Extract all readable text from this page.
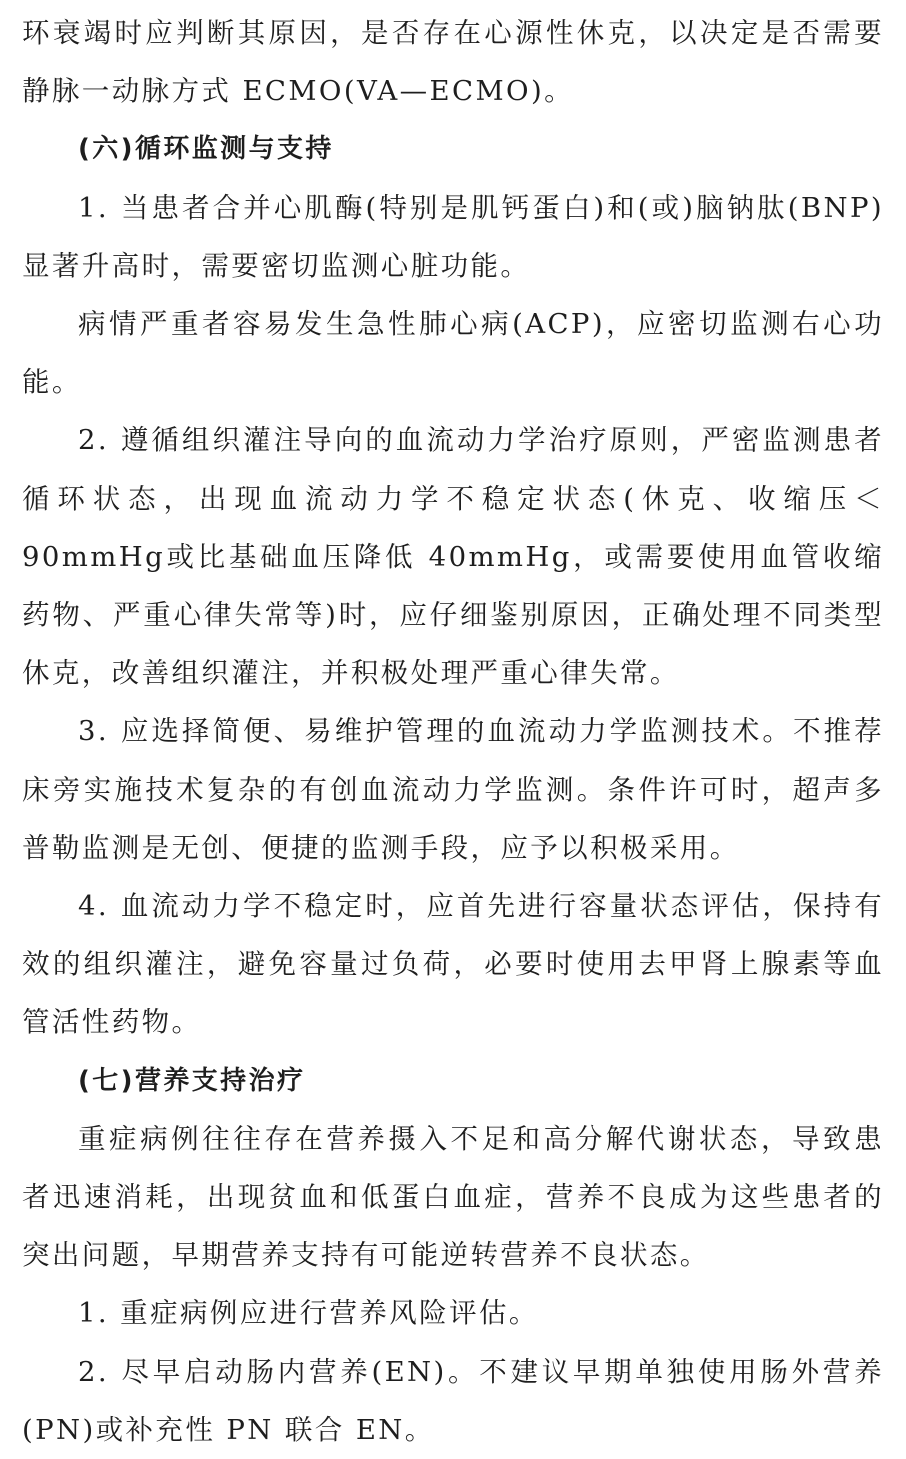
环衰竭时应判断其原因，是否存在心源性休克，以决定是否需要静脉一动脉方式 ECMO(VA—ECMO)。

(六)循环监测与支持

1. 当患者合并心肌酶(特别是肌钙蛋白)和(或)脑钠肽(BNP)显著升高时，需要密切监测心脏功能。

病情严重者容易发生急性肺心病(ACP)，应密切监测右心功能。

2. 遵循组织灌注导向的血流动力学治疗原则，严密监测患者循环状态，出现血流动力学不稳定状态(休克、收缩压＜90mmHg或比基础血压降低 40mmHg，或需要使用血管收缩药物、严重心律失常等)时，应仔细鉴别原因，正确处理不同类型休克，改善组织灌注，并积极处理严重心律失常。

3. 应选择简便、易维护管理的血流动力学监测技术。不推荐床旁实施技术复杂的有创血流动力学监测。条件许可时，超声多普勒监测是无创、便捷的监测手段，应予以积极采用。

4. 血流动力学不稳定时，应首先进行容量状态评估，保持有效的组织灌注，避免容量过负荷，必要时使用去甲肾上腺素等血管活性药物。

(七)营养支持治疗

重症病例往往存在营养摄入不足和高分解代谢状态，导致患者迅速消耗，出现贫血和低蛋白血症，营养不良成为这些患者的突出问题，早期营养支持有可能逆转营养不良状态。

1. 重症病例应进行营养风险评估。

2. 尽早启动肠内营养(EN)。不建议早期单独使用肠外营养(PN)或补充性 PN 联合 EN。
